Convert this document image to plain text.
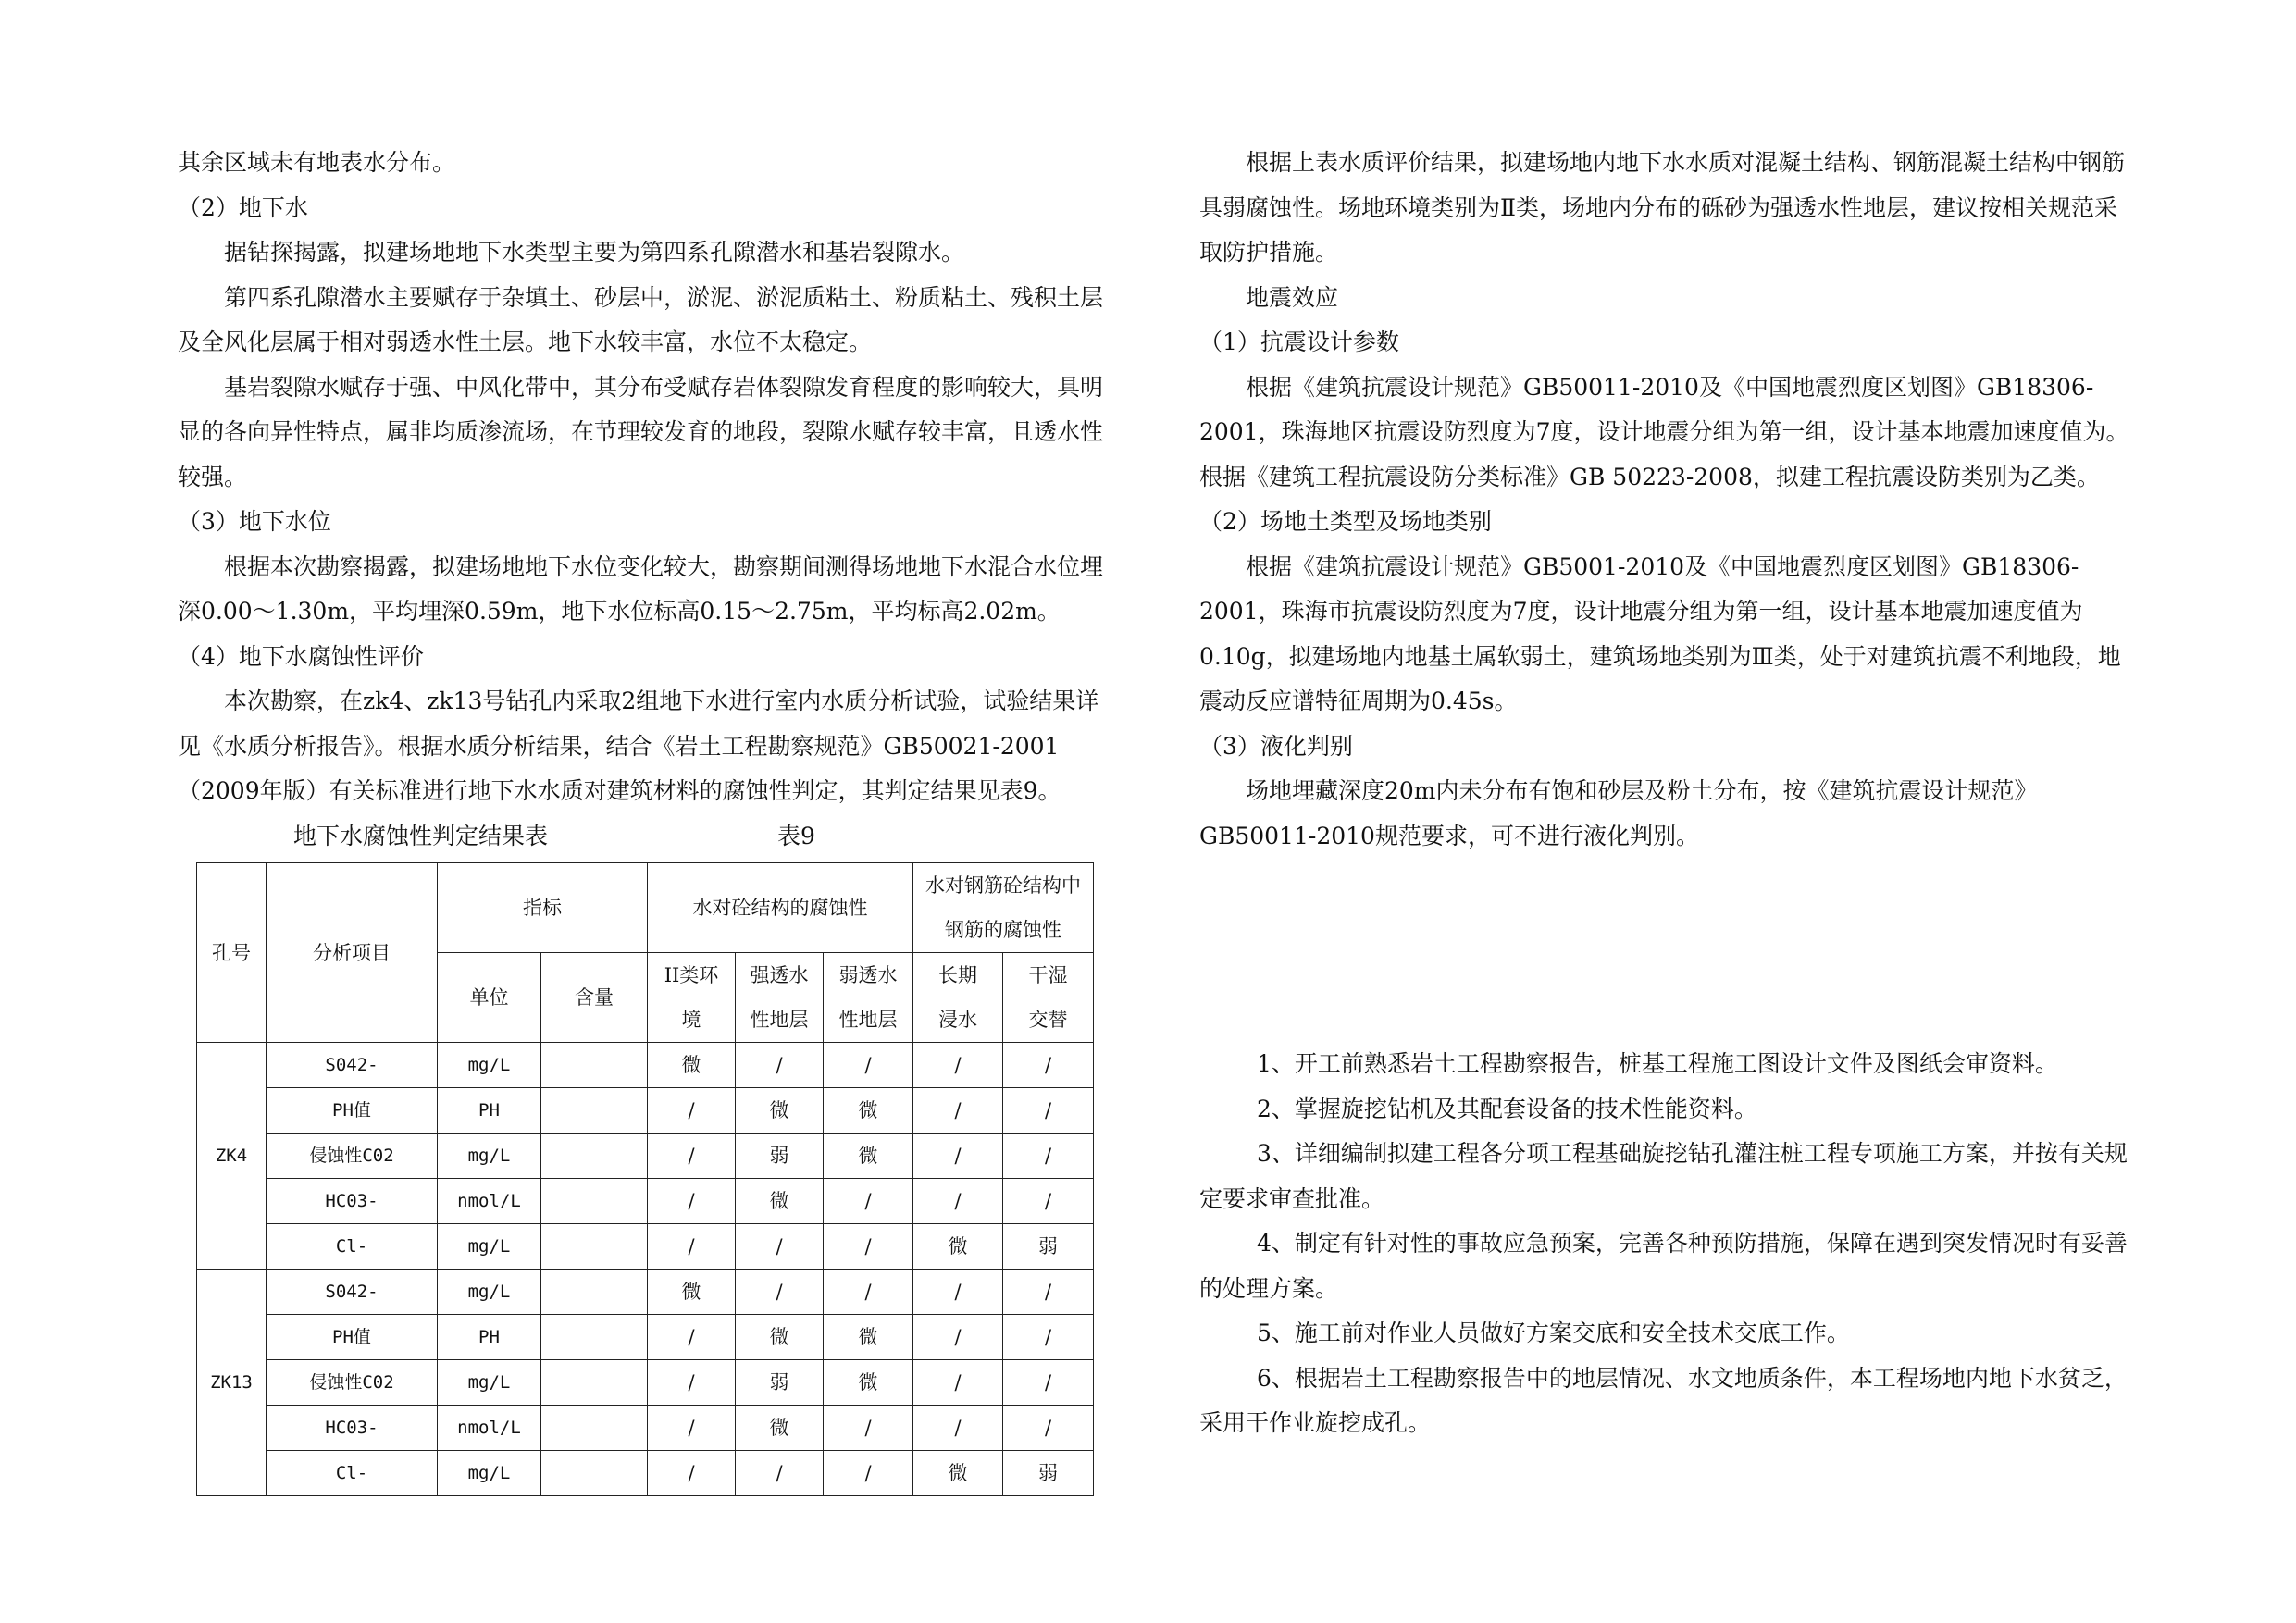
其余区域未有地表水分布。

（2）地下水

据钻探揭露，拟建场地地下水类型主要为第四系孔隙潜水和基岩裂隙水。

第四系孔隙潜水主要赋存于杂填土、砂层中，淤泥、淤泥质粘土、粉质粘土、残积土层及全风化层属于相对弱透水性土层。地下水较丰富，水位不太稳定。

基岩裂隙水赋存于强、中风化带中，其分布受赋存岩体裂隙发育程度的影响较大，具明显的各向异性特点，属非均质渗流场，在节理较发育的地段，裂隙水赋存较丰富，且透水性较强。

（3）地下水位

根据本次勘察揭露，拟建场地地下水位变化较大，勘察期间测得场地地下水混合水位埋深0.00～1.30m，平均埋深0.59m，地下水位标高0.15～2.75m，平均标高2.02m。

（4）地下水腐蚀性评价

本次勘察，在zk4、zk13号钻孔内采取2组地下水进行室内水质分析试验，试验结果详见《水质分析报告》。根据水质分析结果，结合《岩土工程勘察规范》GB50021-2001（2009年版）有关标准进行地下水水质对建筑材料的腐蚀性判定，其判定结果见表9。

地下水腐蚀性判定结果表	表9
孔号	分析项目	指标		水对砼结构的腐蚀性			水对钢筋砼结构中钢筋的腐蚀性	
		单位	含量	II类环境	强透水性地层	弱透水性地层	长期浸水	干湿交替
ZK4	S042-	mg/L		微	/	/	/	/
	PH值	PH		/	微	微	/	/
	侵蚀性C02	mg/L		/	弱	微	/	/
	HC03-	nmol/L		/	微	/	/	/
	Cl-	mg/L		/	/	/	微	弱
ZK13	S042-	mg/L		微	/	/	/	/
	PH值	PH		/	微	微	/	/
	侵蚀性C02	mg/L		/	弱	微	/	/
	HC03-	nmol/L		/	微	/	/	/
	Cl-	mg/L		/	/	/	微	弱

根据上表水质评价结果，拟建场地内地下水水质对混凝土结构、钢筋混凝土结构中钢筋具弱腐蚀性。场地环境类别为Ⅱ类，场地内分布的砾砂为强透水性地层，建议按相关规范采取防护措施。

地震效应

（1）抗震设计参数

根据《建筑抗震设计规范》GB50011-2010及《中国地震烈度区划图》GB18306-2001，珠海地区抗震设防烈度为7度，设计地震分组为第一组，设计基本地震加速度值为。根据《建筑工程抗震设防分类标准》GB 50223-2008，拟建工程抗震设防类别为乙类。

（2）场地土类型及场地类别

根据《建筑抗震设计规范》GB5001-2010及《中国地震烈度区划图》GB18306-2001，珠海市抗震设防烈度为7度，设计地震分组为第一组，设计基本地震加速度值为0.10g，拟建场地内地基土属软弱土，建筑场地类别为Ⅲ类，处于对建筑抗震不利地段，地震动反应谱特征周期为0.45s。

（3）液化判别

场地埋藏深度20m内未分布有饱和砂层及粉土分布，按《建筑抗震设计规范》GB50011-2010规范要求，可不进行液化判别。

1、开工前熟悉岩土工程勘察报告，桩基工程施工图设计文件及图纸会审资料。

2、掌握旋挖钻机及其配套设备的技术性能资料。

3、详细编制拟建工程各分项工程基础旋挖钻孔灌注桩工程专项施工方案，并按有关规定要求审查批准。

4、制定有针对性的事故应急预案，完善各种预防措施，保障在遇到突发情况时有妥善的处理方案。

5、施工前对作业人员做好方案交底和安全技术交底工作。

6、根据岩土工程勘察报告中的地层情况、水文地质条件，本工程场地内地下水贫乏，采用干作业旋挖成孔。
